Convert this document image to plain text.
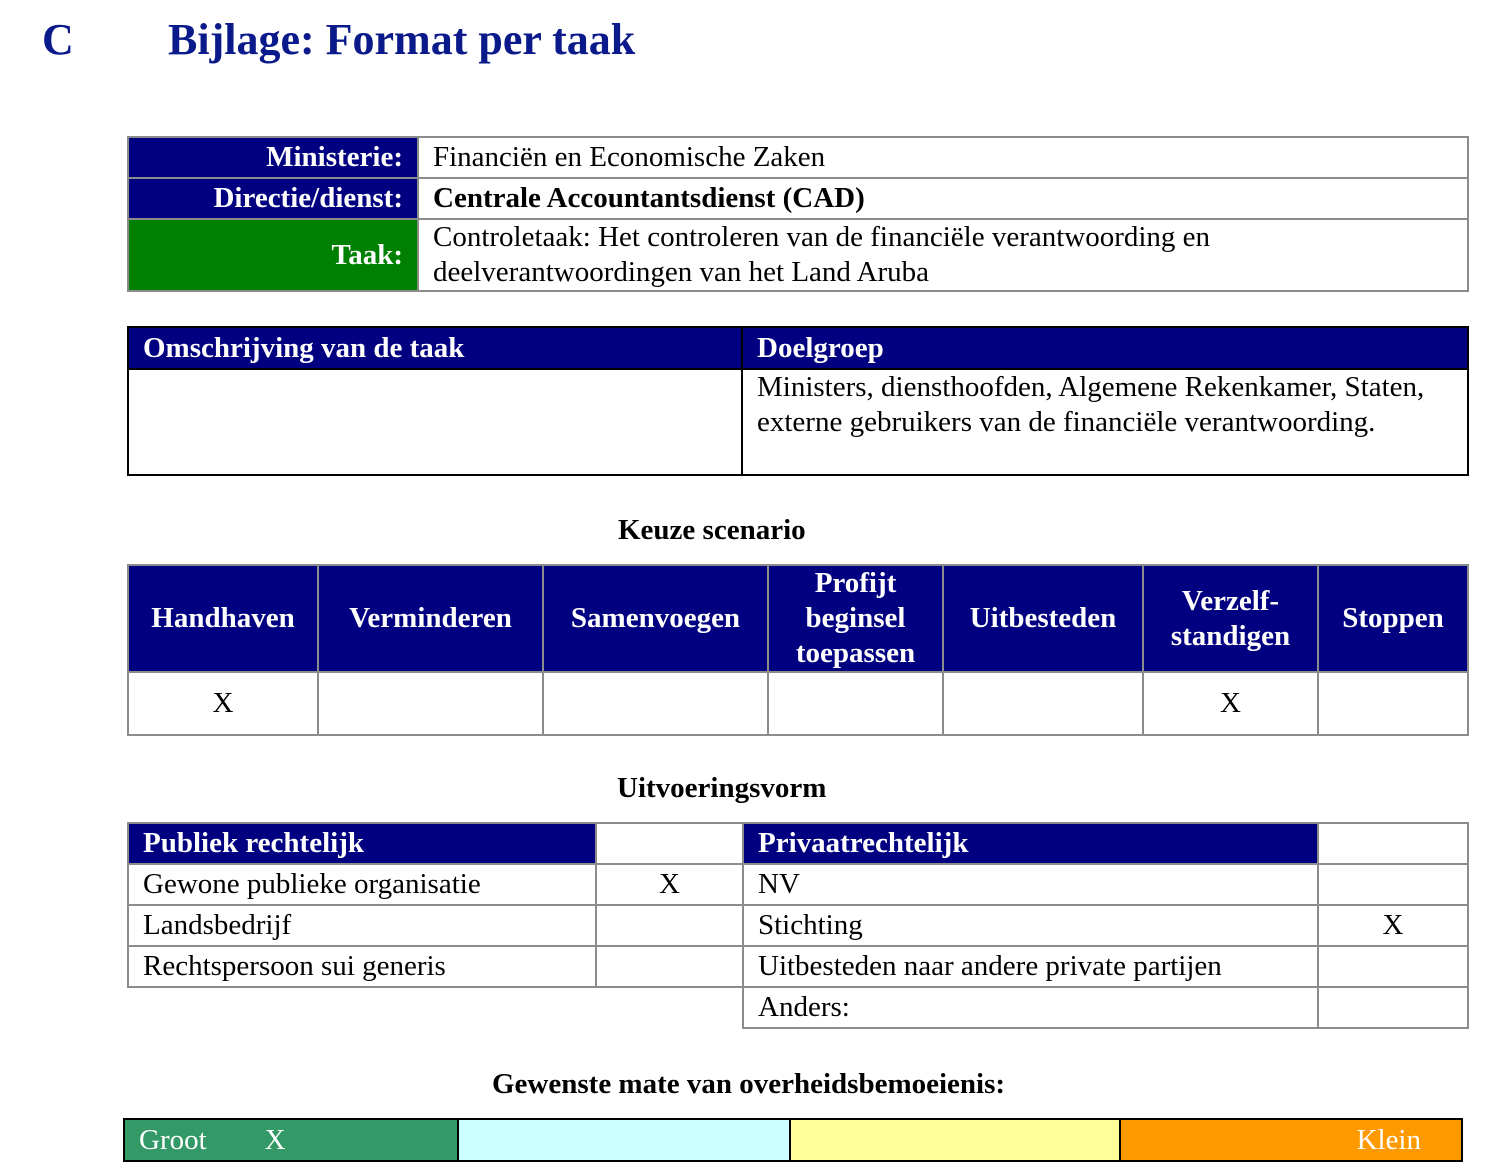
C Bijlage: Format per taak
Ministerie:	Financiën en Economische Zaken
Directie/dienst:	Centrale Accountantsdienst (CAD)
Taak:	Controletaak: Het controleren van de financiële verantwoording en deelverantwoordingen van het Land Aruba
Omschrijving van de taak	Doelgroep
	Ministers, diensthoofden, Algemene Rekenkamer, Staten, externe gebruikers van de financiële verantwoording.
Keuze scenario
Handhaven	Verminderen	Samenvoegen	Profijt beginsel toepassen	Uitbesteden	Verzelf-standigen	Stoppen
X					X	
Uitvoeringsvorm
Publiek rechtelijk		Privaatrechtelijk	
Gewone publieke organisatie	X	NV	
Landsbedrijf		Stichting	X
Rechtspersoon sui generis		Uitbesteden naar andere private partijen	
		Anders:	
Gewenste mate van overheidsbemoeienis:
Groot X	Klein
